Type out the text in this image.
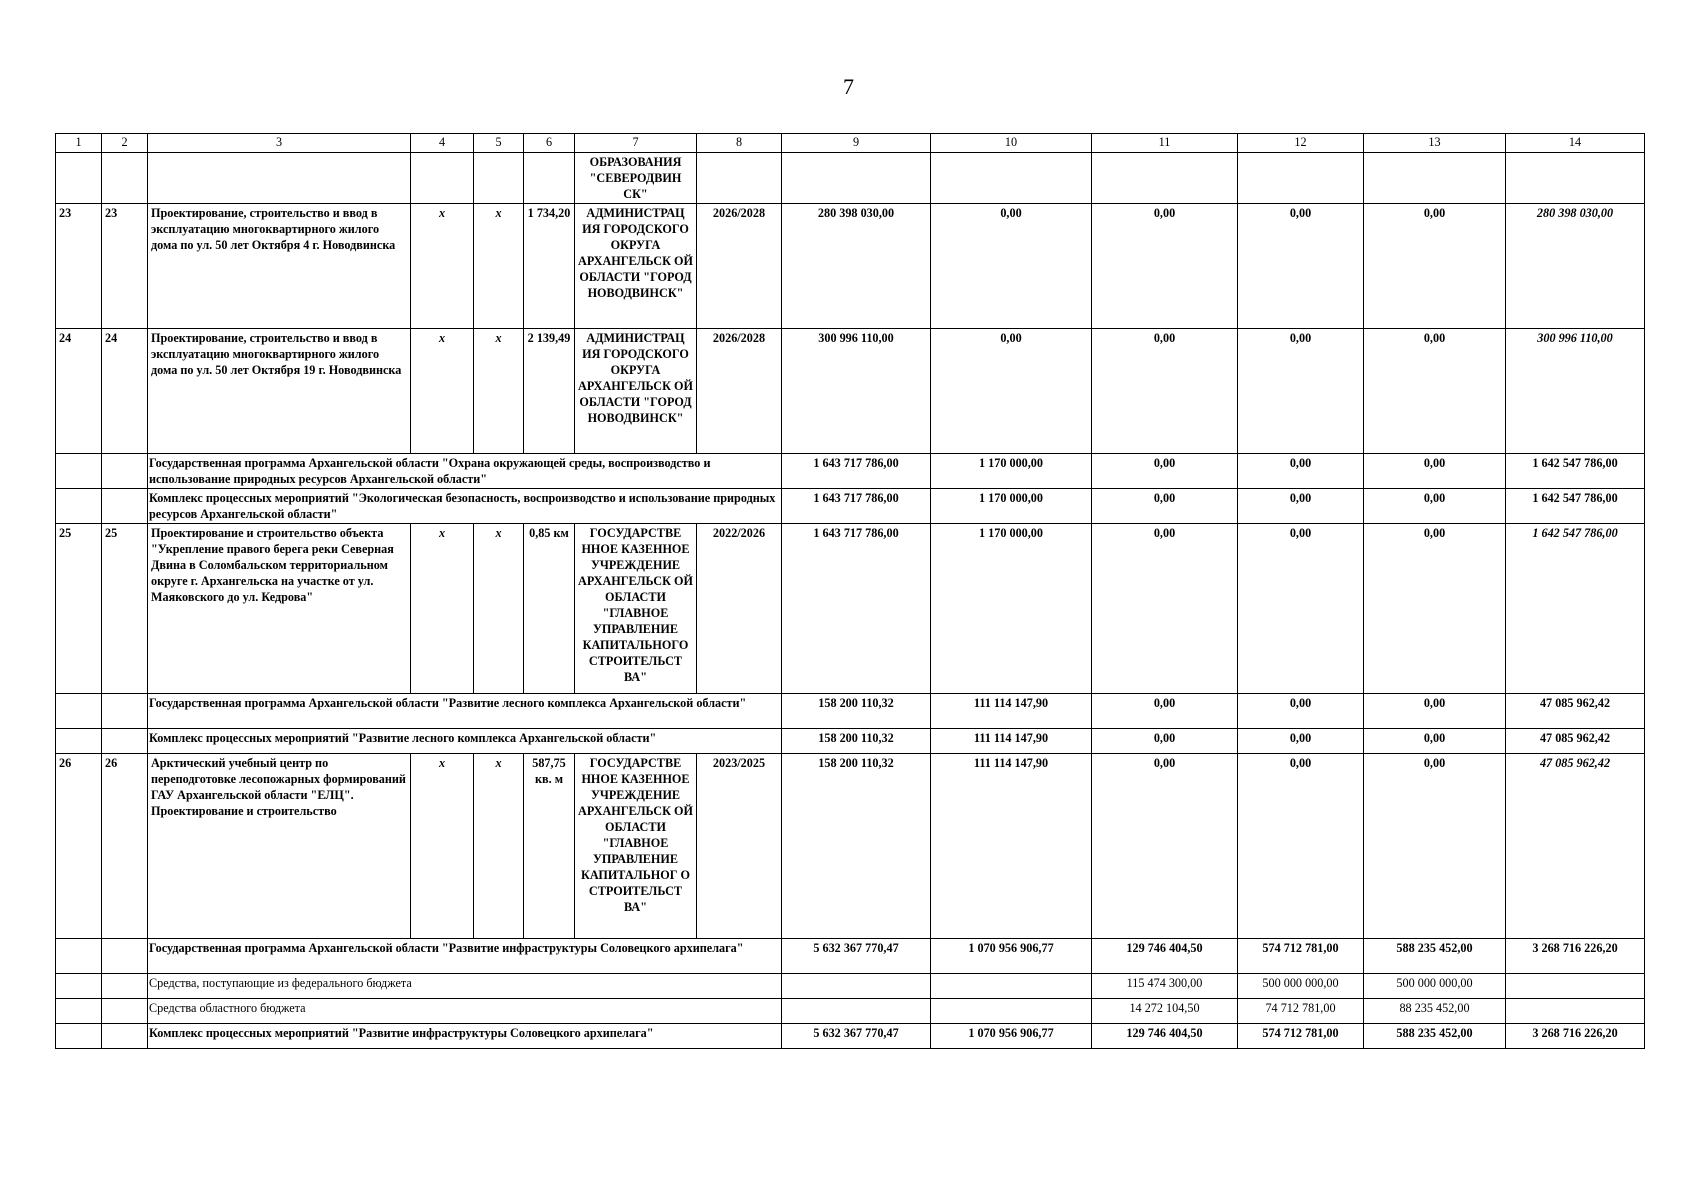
7
1	2	3	4	5	6	7	8	9	10	11	12	13	14
						ОБРАЗОВАНИЯ "СЕВЕРОДВИН СК"							
23	23	Проектирование, строительство и ввод в эксплуатацию многоквартирного жилого дома по ул. 50 лет Октября 4 г. Новодвинска	х	х	1 734,20	АДМИНИСТРАЦ ИЯ ГОРОДСКОГО ОКРУГА АРХАНГЕЛЬСК ОЙ ОБЛАСТИ "ГОРОД НОВОДВИНСК"	2026/2028	280 398 030,00	0,00	0,00	0,00	0,00	280 398 030,00
24	24	Проектирование, строительство и ввод в эксплуатацию многоквартирного жилого дома по ул. 50 лет Октября 19 г. Новодвинска	х	х	2 139,49	АДМИНИСТРАЦ ИЯ ГОРОДСКОГО ОКРУГА АРХАНГЕЛЬСК ОЙ ОБЛАСТИ "ГОРОД НОВОДВИНСК"	2026/2028	300 996 110,00	0,00	0,00	0,00	0,00	300 996 110,00
		Государственная программа Архангельской области "Охрана окружающей среды, воспроизводство и использование природных ресурсов Архангельской области"						1 643 717 786,00	1 170 000,00	0,00	0,00	0,00	1 642 547 786,00
		Комплекс процессных мероприятий "Экологическая безопасность, воспроизводство и использование природных ресурсов Архангельской области"						1 643 717 786,00	1 170 000,00	0,00	0,00	0,00	1 642 547 786,00
25	25	Проектирование и строительство объекта "Укрепление правого берега реки Северная Двина в Соломбальском территориальном округе г. Архангельска на участке от ул. Маяковского до ул. Кедрова"	х	х	0,85 км	ГОСУДАРСТВЕ ННОЕ КАЗЕННОЕ УЧРЕЖДЕНИЕ АРХАНГЕЛЬСК ОЙ ОБЛАСТИ "ГЛАВНОЕ УПРАВЛЕНИЕ КАПИТАЛЬНОГО СТРОИТЕЛЬСТ ВА"	2022/2026	1 643 717 786,00	1 170 000,00	0,00	0,00	0,00	1 642 547 786,00
		Государственная программа Архангельской области "Развитие лесного комплекса Архангельской области"						158 200 110,32	111 114 147,90	0,00	0,00	0,00	47 085 962,42
		Комплекс процессных мероприятий "Развитие лесного комплекса Архангельской области"						158 200 110,32	111 114 147,90	0,00	0,00	0,00	47 085 962,42
26	26	Арктический учебный центр по переподготовке лесопожарных формирований ГАУ Архангельской области "ЕЛЦ". Проектирование и строительство	х	х	587,75 кв. м	ГОСУДАРСТВЕ ННОЕ КАЗЕННОЕ УЧРЕЖДЕНИЕ АРХАНГЕЛЬСК ОЙ ОБЛАСТИ "ГЛАВНОЕ УПРАВЛЕНИЕ КАПИТАЛЬНОГ О СТРОИТЕЛЬСТ ВА"	2023/2025	158 200 110,32	111 114 147,90	0,00	0,00	0,00	47 085 962,42
		Государственная программа Архангельской области "Развитие инфраструктуры Соловецкого архипелага"						5 632 367 770,47	1 070 956 906,77	129 746 404,50	574 712 781,00	588 235 452,00	3 268 716 226,20
		Средства, поступающие из федерального бюджета								115 474 300,00	500 000 000,00	500 000 000,00	
		Средства областного бюджета								14 272 104,50	74 712 781,00	88 235 452,00	
		Комплекс процессных мероприятий "Развитие инфраструктуры Соловецкого архипелага"						5 632 367 770,47	1 070 956 906,77	129 746 404,50	574 712 781,00	588 235 452,00	3 268 716 226,20
